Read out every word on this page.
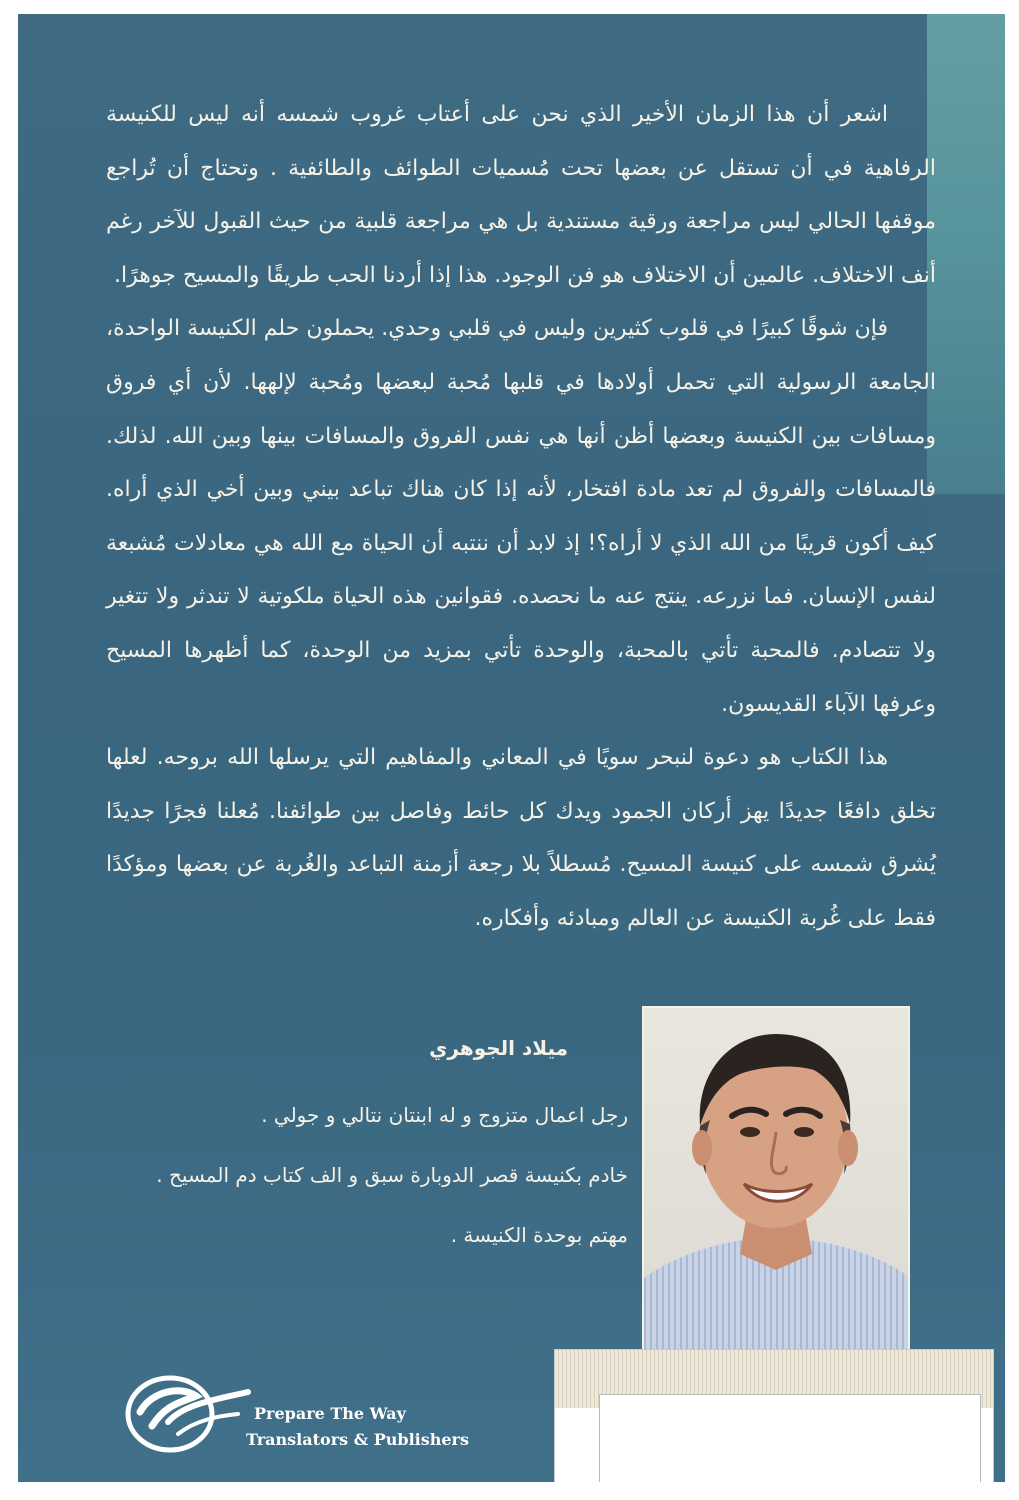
اشعر أن هذا الزمان الأخير الذي نحن على أعتاب غروب شمسه أنه ليس للكنيسة الرفاهية في أن تستقل عن بعضها تحت مُسميات الطوائف والطائفية . وتحتاج أن تُراجع موقفها الحالي ليس مراجعة ورقية مستندية بل هي مراجعة قلبية من حيث القبول للآخر رغم أنف الاختلاف. عالمين أن الاختلاف هو فن الوجود. هذا إذا أردنا الحب طريقًا والمسيح جوهرًا.

فإن شوقًا كبيرًا في قلوب كثيرين وليس في قلبي وحدي. يحملون حلم الكنيسة الواحدة، الجامعة الرسولية التي تحمل أولادها في قلبها مُحبة لبعضها ومُحبة لإلهها. لأن أي فروق ومسافات بين الكنيسة وبعضها أظن أنها هي نفس الفروق والمسافات بينها وبين الله. لذلك. فالمسافات والفروق لم تعد مادة افتخار، لأنه إذا كان هناك تباعد بيني وبين أخي الذي أراه. كيف أكون قريبًا من الله الذي لا أراه؟! إذ لابد أن ننتبه أن الحياة مع الله هي معادلات مُشبعة لنفس الإنسان. فما نزرعه. ينتج عنه ما نحصده. فقوانين هذه الحياة ملكوتية لا تندثر ولا تتغير ولا تتصادم. فالمحبة تأتي بالمحبة، والوحدة تأتي بمزيد من الوحدة، كما أظهرها المسيح وعرفها الآباء القديسون.

هذا الكتاب هو دعوة لنبحر سويًا في المعاني والمفاهيم التي يرسلها الله بروحه. لعلها تخلق دافعًا جديدًا يهز أركان الجمود ويدك كل حائط وفاصل بين طوائفنا. مُعلنا فجرًا جديدًا يُشرق شمسه على كنيسة المسيح. مُسطلاً بلا رجعة أزمنة التباعد والغُربة عن بعضها ومؤكدًا فقط على غُربة الكنيسة عن العالم ومبادئه وأفكاره.

ميلاد الجوهري

رجل اعمال متزوج و له ابنتان نتالي و جولي .

خادم بكنيسة قصر الدوبارة سبق و الف كتاب دم المسيح .

مهتم بوحدة الكنيسة .

Prepare The Way
Translators & Publishers
